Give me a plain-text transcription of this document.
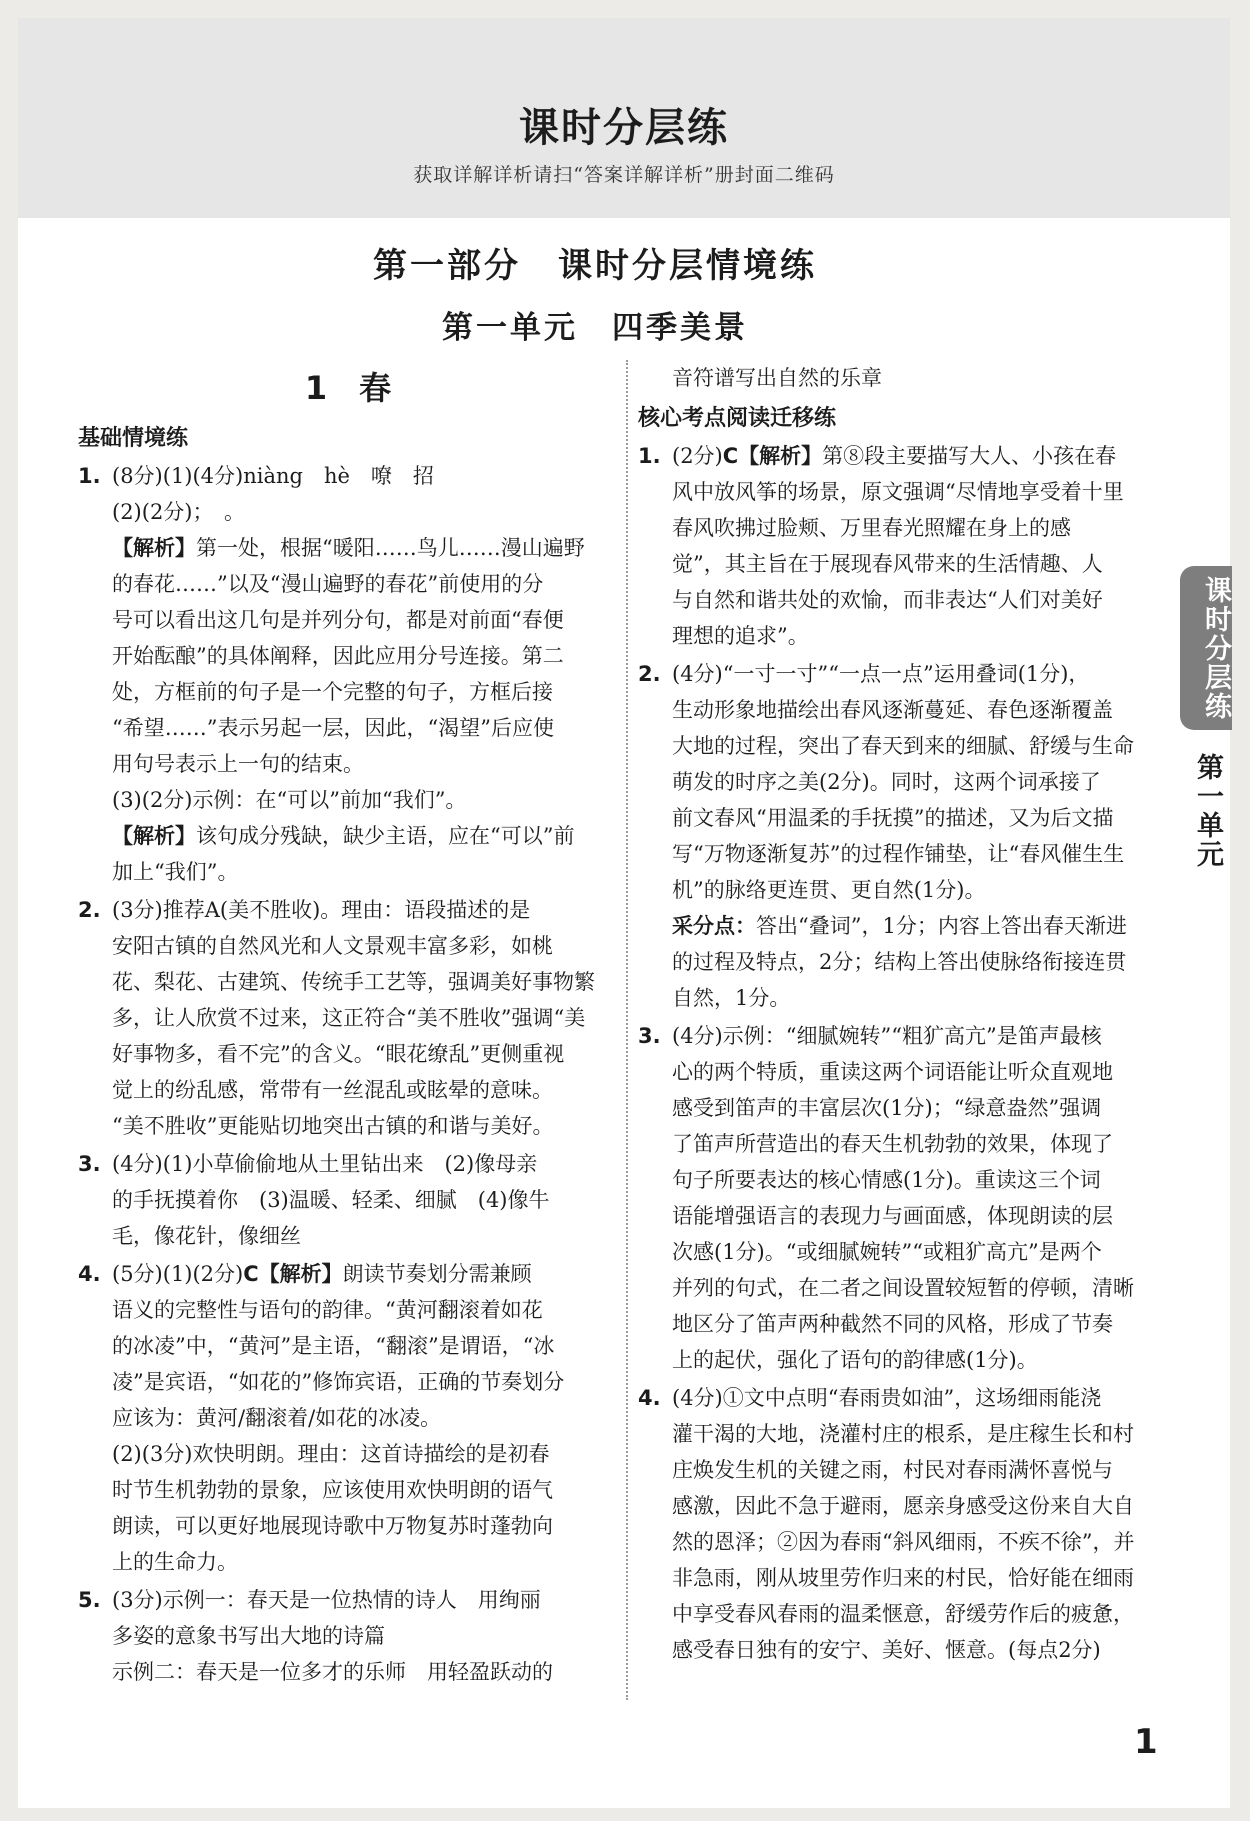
课时分层练
获取详解详析请扫“答案详解详析”册封面二维码
第一部分　课时分层情境练
第一单元　四季美景
1　春
基础情境练
1. (8分)(1)(4分)niàng　hè　嘹　招
(2)(2分)；　。
【解析】第一处，根据“暖阳……鸟儿……漫山遍野
的春花……”以及“漫山遍野的春花”前使用的分
号可以看出这几句是并列分句，都是对前面“春便
开始酝酿”的具体阐释，因此应用分号连接。第二
处，方框前的句子是一个完整的句子，方框后接
“希望……”表示另起一层，因此，“渴望”后应使
用句号表示上一句的结束。
(3)(2分)示例：在“可以”前加“我们”。
【解析】该句成分残缺，缺少主语，应在“可以”前
加上“我们”。
2. (3分)推荐A(美不胜收)。理由：语段描述的是
安阳古镇的自然风光和人文景观丰富多彩，如桃
花、梨花、古建筑、传统手工艺等，强调美好事物繁
多，让人欣赏不过来，这正符合“美不胜收”强调“美
好事物多，看不完”的含义。“眼花缭乱”更侧重视
觉上的纷乱感，常带有一丝混乱或眩晕的意味。
“美不胜收”更能贴切地突出古镇的和谐与美好。
3. (4分)(1)小草偷偷地从土里钻出来　(2)像母亲
的手抚摸着你　(3)温暖、轻柔、细腻　(4)像牛
毛，像花针，像细丝
4. (5分)(1)(2分)C【解析】朗读节奏划分需兼顾
语义的完整性与语句的韵律。“黄河翻滚着如花
的冰凌”中，“黄河”是主语，“翻滚”是谓语，“冰
凌”是宾语，“如花的”修饰宾语，正确的节奏划分
应该为：黄河/翻滚着/如花的冰凌。
(2)(3分)欢快明朗。理由：这首诗描绘的是初春
时节生机勃勃的景象，应该使用欢快明朗的语气
朗读，可以更好地展现诗歌中万物复苏时蓬勃向
上的生命力。
5. (3分)示例一：春天是一位热情的诗人　用绚丽
多姿的意象书写出大地的诗篇
示例二：春天是一位多才的乐师　用轻盈跃动的
音符谱写出自然的乐章
核心考点阅读迁移练
1. (2分)C【解析】第⑧段主要描写大人、小孩在春
风中放风筝的场景，原文强调“尽情地享受着十里
春风吹拂过脸颊、万里春光照耀在身上的感
觉”，其主旨在于展现春风带来的生活情趣、人
与自然和谐共处的欢愉，而非表达“人们对美好
理想的追求”。
2. (4分)“一寸一寸”“一点一点”运用叠词(1分)，
生动形象地描绘出春风逐渐蔓延、春色逐渐覆盖
大地的过程，突出了春天到来的细腻、舒缓与生命
萌发的时序之美(2分)。同时，这两个词承接了
前文春风“用温柔的手抚摸”的描述，又为后文描
写“万物逐渐复苏”的过程作铺垫，让“春风催生生
机”的脉络更连贯、更自然(1分)。
采分点：答出“叠词”，1分；内容上答出春天渐进
的过程及特点，2分；结构上答出使脉络衔接连贯
自然，1分。
3. (4分)示例：“细腻婉转”“粗犷高亢”是笛声最核
心的两个特质，重读这两个词语能让听众直观地
感受到笛声的丰富层次(1分)；“绿意盎然”强调
了笛声所营造出的春天生机勃勃的效果，体现了
句子所要表达的核心情感(1分)。重读这三个词
语能增强语言的表现力与画面感，体现朗读的层
次感(1分)。“或细腻婉转”“或粗犷高亢”是两个
并列的句式，在二者之间设置较短暂的停顿，清晰
地区分了笛声两种截然不同的风格，形成了节奏
上的起伏，强化了语句的韵律感(1分)。
4. (4分)①文中点明“春雨贵如油”，这场细雨能浇
灌干渴的大地，浇灌村庄的根系，是庄稼生长和村
庄焕发生机的关键之雨，村民对春雨满怀喜悦与
感激，因此不急于避雨，愿亲身感受这份来自大自
然的恩泽；②因为春雨“斜风细雨，不疾不徐”，并
非急雨，刚从坡里劳作归来的村民，恰好能在细雨
中享受春风春雨的温柔惬意，舒缓劳作后的疲惫，
感受春日独有的安宁、美好、惬意。(每点2分)
课时分层练
第一单元
1
